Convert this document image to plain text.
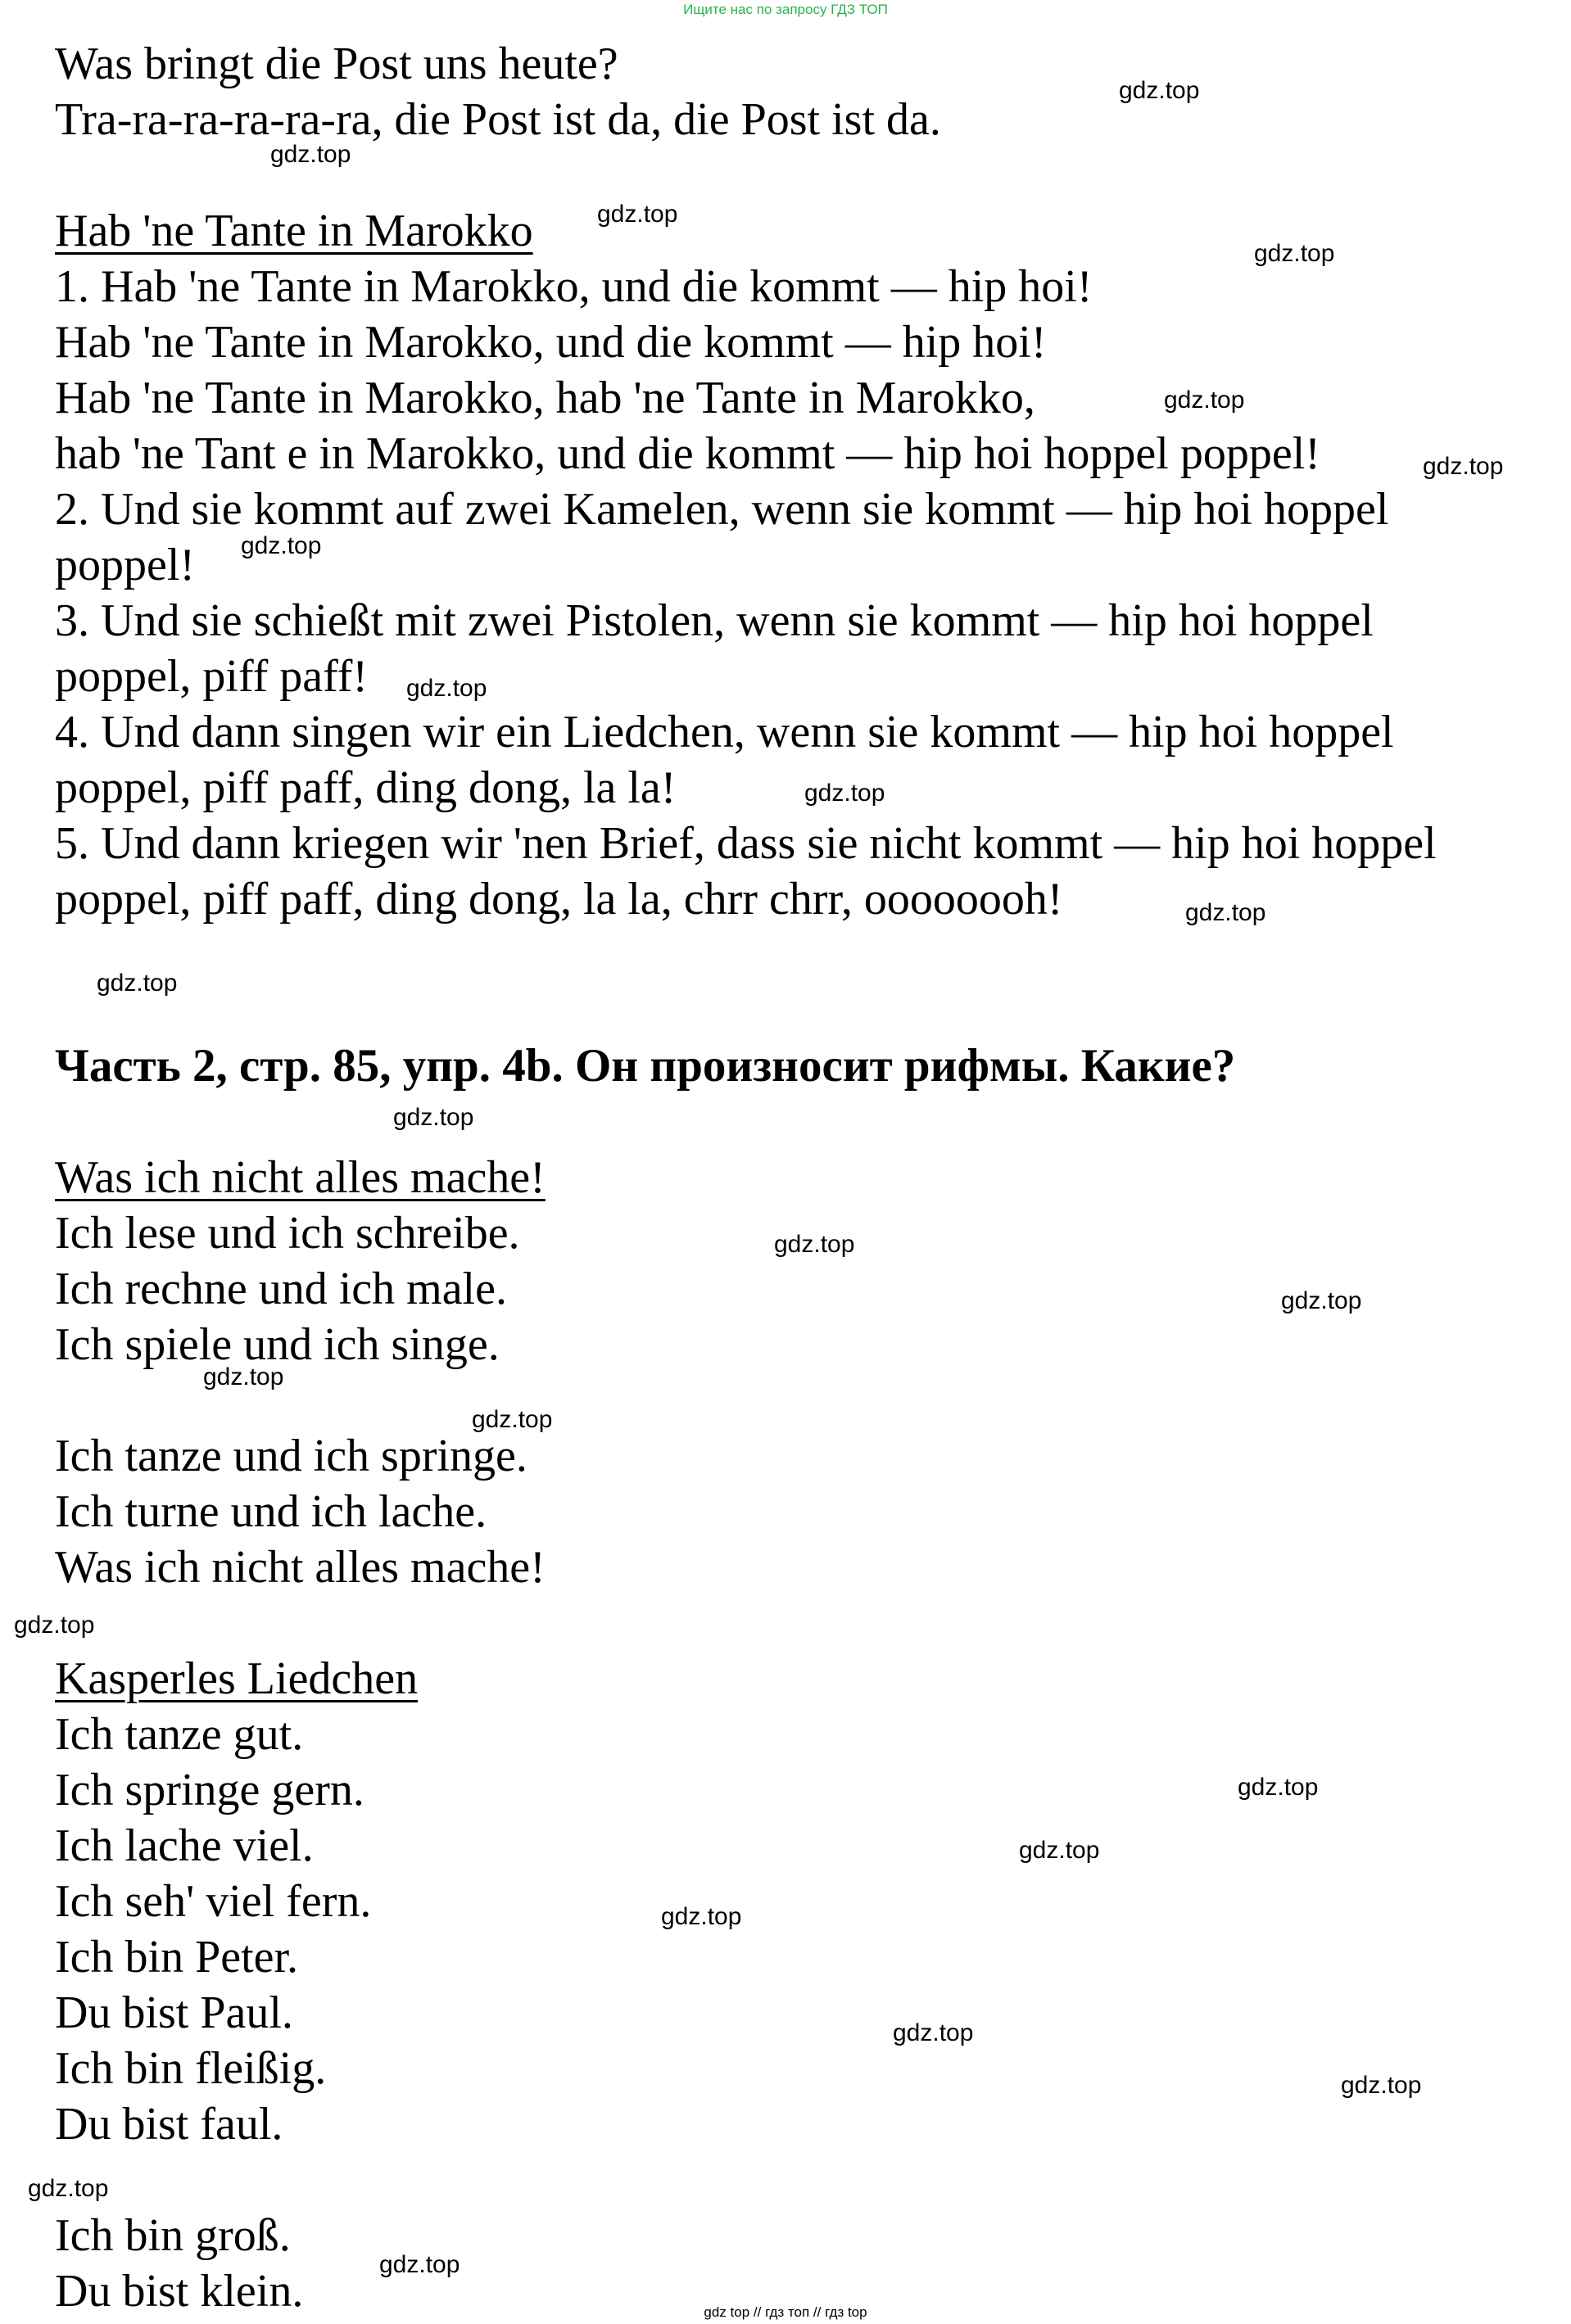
Ищите нас по запросу ГДЗ ТОП
Was bringt die Post uns heute?
Tra-ra-ra-ra-ra-ra, die Post ist da, die Post ist da.
Hab 'ne Tante in Marokko
1. Hab 'ne Tante in Marokko, und die kommt — hip hoi!
Hab 'ne Tante in Marokko, und die kommt — hip hoi!
Hab 'ne Tante in Marokko, hab 'ne Tante in Marokko,
hab 'ne Tant e in Marokko, und die kommt — hip hoi hoppel poppel!
2. Und sie kommt auf zwei Kamelen, wenn sie kommt — hip hoi hoppel
poppel!
3. Und sie schießt mit zwei Pistolen, wenn sie kommt — hip hoi hoppel
poppel, piff paff!
4. Und dann singen wir ein Liedchen, wenn sie kommt — hip hoi hoppel
poppel, piff paff, ding dong, la la!
5. Und dann kriegen wir 'nen Brief, dass sie nicht kommt — hip hoi hoppel
poppel, piff paff, ding dong, la la, chrr chrr, oooooooh!
Часть 2, стр. 85, упр. 4b. Он произносит рифмы. Какие?
Was ich nicht alles mache!
Ich lese und ich schreibe.
Ich rechne und ich male.
Ich spiele und ich singe.
Ich tanze und ich springe.
Ich turne und ich lache.
Was ich nicht alles mache!
Kasperles Liedchen
Ich tanze gut.
Ich springe gern.
Ich lache viel.
Ich seh' viel fern.
Ich bin Peter.
Du bist Paul.
Ich bin fleißig.
Du bist faul.
Ich bin groß.
Du bist klein.
gdz.top
gdz.top
gdz.top
gdz.top
gdz.top
gdz.top
gdz.top
gdz.top
gdz.top
gdz.top
gdz.top
gdz.top
gdz.top
gdz.top
gdz.top
gdz.top
gdz.top
gdz.top
gdz.top
gdz.top
gdz.top
gdz.top
gdz.top
gdz.top
gdz top // гдз топ // гдз top
